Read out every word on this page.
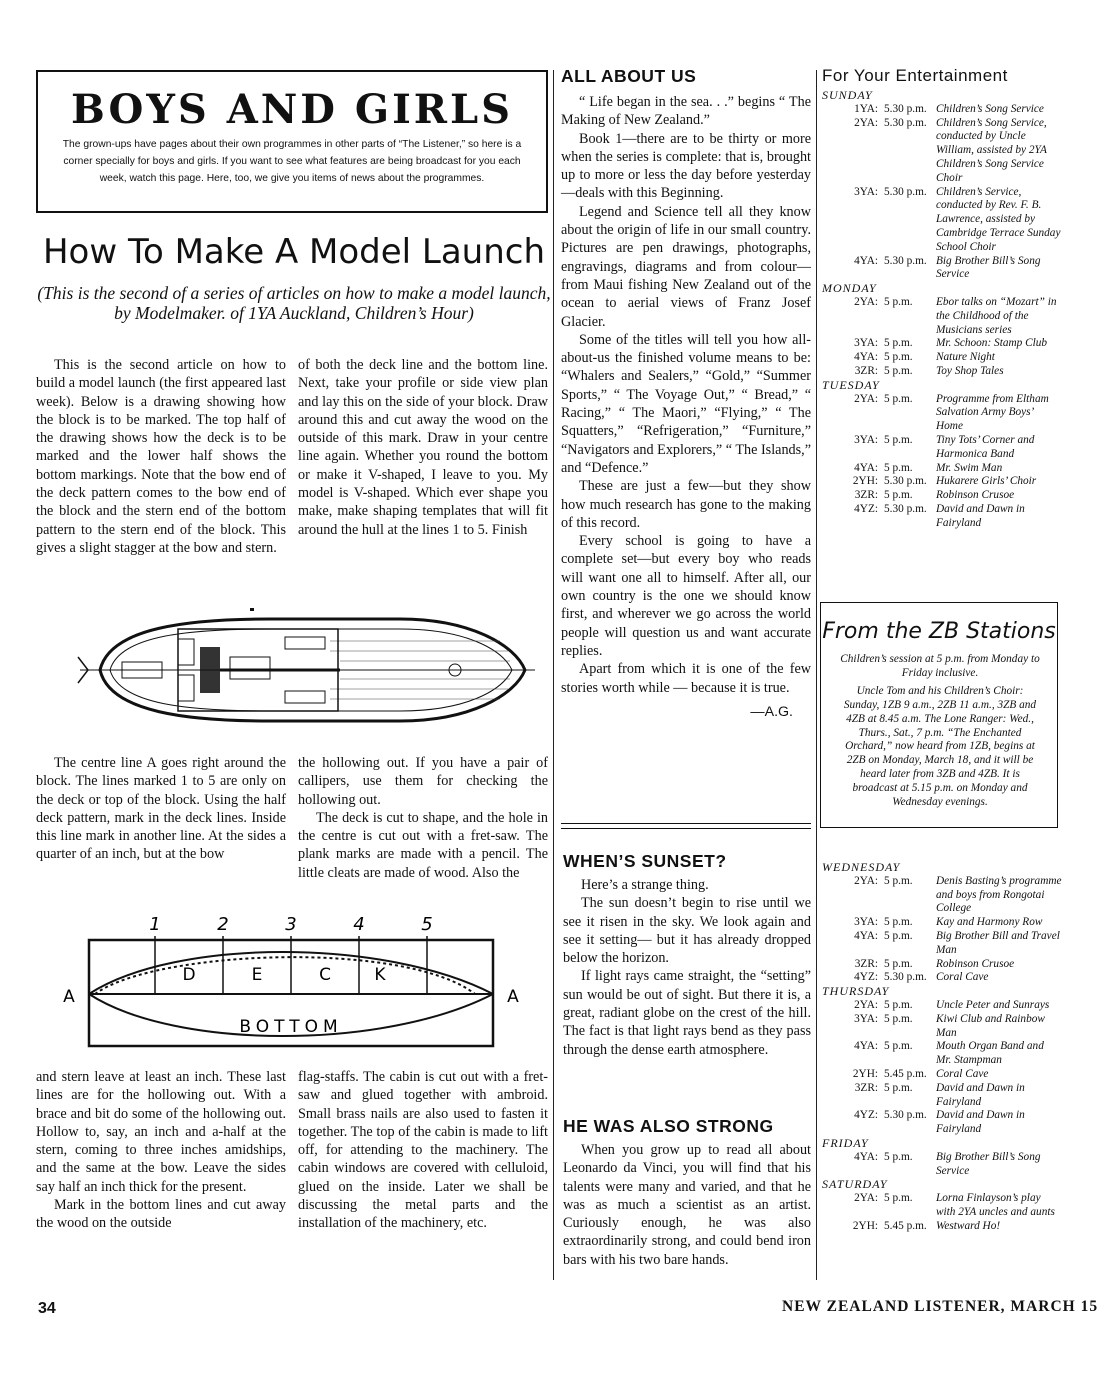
BOYS AND GIRLS
The grown-ups have pages about their own programmes in other parts of “The Listener,” so here is a corner specially for boys and girls. If you want to see what features are being broadcast for you each week, watch this page. Here, too, we give you items of news about the programmes.
How To Make A Model Launch
(This is the second of a series of articles on how to make a model launch, by Modelmaker. of 1YA Auckland, Children’s Hour)

This is the second article on how to build a model launch (the first appeared last week). Below is a drawing showing how the block is to be marked. The top half of the drawing shows how the deck is to be marked and the lower half shows the bottom markings. Note that the bow end of the deck pattern comes to the bow end of the block and the stern end of the bottom pattern to the stern end of the block. This gives a slight stagger at the bow and stern.

of both the deck line and the bottom line. Next, take your profile or side view plan and lay this on the side of your block. Draw around this and cut away the wood on the outside of this mark. Draw in your centre line again. Whether you round the bottom or make it V-shaped, I leave to you. My model is V-shaped. Which ever shape you make, make shaping templates that will fit around the hull at the lines 1 to 5. Finish

The centre line A goes right around the block. The lines marked 1 to 5 are only on the deck or top of the block. Using the half deck pattern, mark in the deck lines. Inside this line mark in another line. At the sides a quarter of an inch, but at the bow

the hollowing out. If you have a pair of callipers, use them for checking the hollowing out.

The deck is cut to shape, and the hole in the centre is cut out with a fret-saw. The plank marks are made with a pencil. The little cleats are made of wood. Also the

1	2	3	4	5
D	E	C	K
BOTTOM
A	A

and stern leave at least an inch. These last lines are for the hollowing out. With a brace and bit do some of the hollowing out. Hollow to, say, an inch and a-half at the stern, coming to three inches amidships, and the same at the bow. Leave the sides say half an inch thick for the present.

Mark in the bottom lines and cut away the wood on the outside

flag-staffs. The cabin is cut out with a fret-saw and glued together with ambroid. Small brass nails are also used to fasten it together. The top of the cabin is made to lift off, for attending to the machinery. The cabin windows are covered with celluloid, glued on the inside. Later we shall be discussing the metal parts and the installation of the machinery, etc.

ALL ABOUT US

“ Life began in the sea. . .” begins “ The Making of New Zealand.”

Book 1—there are to be thirty or more when the series is complete: that is, brought up to more or less the day before yesterday —deals with this Beginning.

Legend and Science tell all they know about the origin of life in our small country. Pictures are pen drawings, photographs, engravings, diagrams and from colour— from Maui fishing New Zealand out of the ocean to aerial views of Franz Josef Glacier.

Some of the titles will tell you how all-about-us the finished volume means to be: “Whalers and Sealers,” “Gold,” “Summer Sports,” “ The Voyage Out,” “ Bread,” “ Racing,” “ The Maori,” “Flying,” “ The Squatters,” “Refrigeration,” “Furniture,” “Navigators and Explorers,” “ The Islands,” and “Defence.”

These are just a few—but they show how much research has gone to the making of this record.

Every school is going to have a complete set—but every boy who reads will want one all to himself. After all, our own country is the one we should know first, and wherever we go across the world people will question us and want accurate replies.

Apart from which it is one of the few stories worth while — because it is true.

—A.G.
WHEN’S SUNSET?

Here’s a strange thing.

The sun doesn’t begin to rise until we see it risen in the sky. We look again and see it setting— but it has already dropped below the horizon.

If light rays came straight, the “setting” sun would be out of sight. But there it is, a great, radiant globe on the crest of the hill. The fact is that light rays bend as they pass through the dense earth atmosphere.

HE WAS ALSO STRONG

When you grow up to read all about Leonardo da Vinci, you will find that his talents were many and varied, and that he was as much a scientist as an artist. Curiously enough, he was also extraordinarily strong, and could bend iron bars with his two bare hands.

For Your Entertainment
SUNDAY
1YA: 5.30 p.m. Children’s Song Service
2YA: 5.30 p.m. Children’s Song Service, conducted by Uncle William, assisted by 2YA Children’s Song Service Choir
3YA: 5.30 p.m. Children’s Service, conducted by Rev. F. B. Lawrence, assisted by Cambridge Terrace Sunday School Choir
4YA: 5.30 p.m. Big Brother Bill’s Song Service
MONDAY
2YA: 5 p.m.	Ebor talks on “Mozart” in the Childhood of the Musicians series
3YA: 5 p.m.	Mr. Schoon: Stamp Club
4YA: 5 p.m.	Nature Night
3ZR: 5 p.m.	Toy Shop Tales
TUESDAY
2YA: 5 p.m.	Programme from Eltham Salvation Army Boys’ Home
3YA: 5 p.m.	Tiny Tots’ Corner and Harmonica Band
4YA: 5 p.m.	Mr. Swim Man
2YH: 5.30 p.m. Hukarere Girls’ Choir
3ZR: 5 p.m.	Robinson Crusoe
4YZ: 5.30 p.m. David and Dawn in Fairyland
From the ZB Stations
Children’s session at 5 p.m. from Monday to Friday inclusive.
Uncle Tom and his Children’s Choir: Sunday, 1ZB 9 a.m., 2ZB 11 a.m., 3ZB and 4ZB at 8.45 a.m. The Lone Ranger: Wed., Thurs., Sat., 7 p.m. “The Enchanted Orchard,” now heard from 1ZB, begins at 2ZB on Monday, March 18, and it will be heard later from 3ZB and 4ZB. It is broadcast at 5.15 p.m. on Monday and Wednesday evenings.
WEDNESDAY
2YA: 5 p.m.	Denis Basting’s programme and boys from Rongotai College
3YA: 5 p.m.	Kay and Harmony Row
4YA: 5 p.m.	Big Brother Bill and Travel Man
3ZR: 5 p.m.	Robinson Crusoe
4YZ: 5.30 p.m. Coral Cave
THURSDAY
2YA: 5 p.m.	Uncle Peter and Sunrays
3YA: 5 p.m.	Kiwi Club and Rainbow Man
4YA: 5 p.m.	Mouth Organ Band and Mr. Stampman
2YH: 5.45 p.m. Coral Cave
3ZR: 5 p.m.	David and Dawn in Fairyland
4YZ: 5.30 p.m. David and Dawn in Fairyland
FRIDAY
4YA: 5 p.m.	Big Brother Bill’s Song Service
SATURDAY
2YA: 5 p.m.	Lorna Finlayson’s play with 2YA uncles and aunts
2YH: 5.45 p.m. Westward Ho!
34	NEW ZEALAND LISTENER, MARCH 15
